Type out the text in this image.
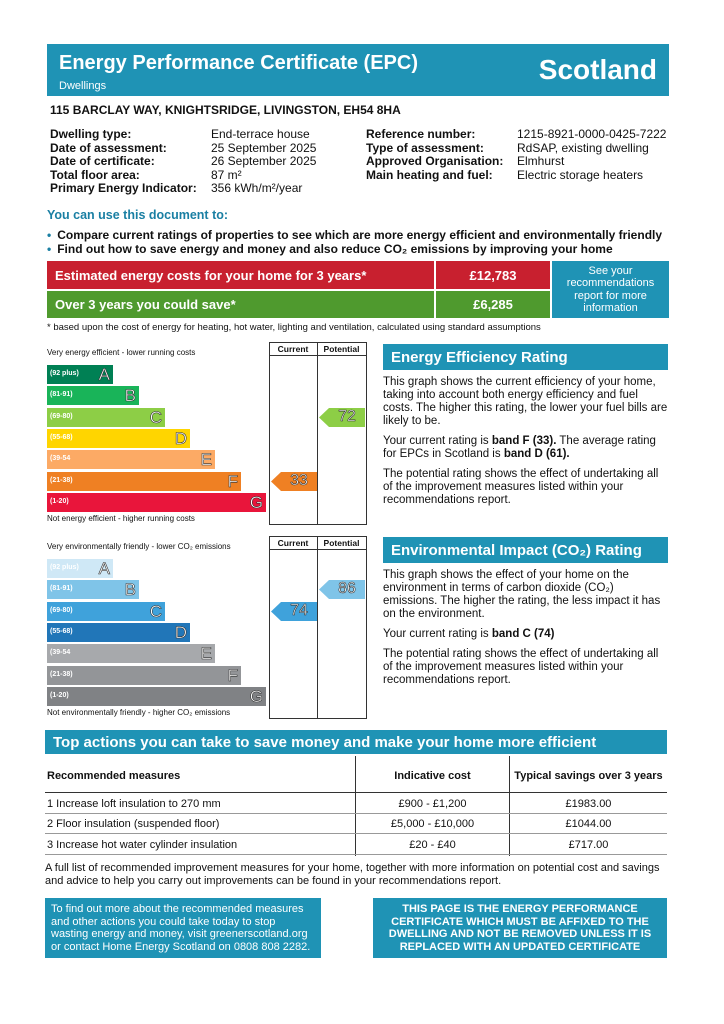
Energy Performance Certificate (EPC)
Dwellings
Scotland
115 BARCLAY WAY, KNIGHTSRIDGE, LIVINGSTON, EH54 8HA
Dwelling type:	End-terrace house
Date of assessment:	25 September 2025
Date of certificate:	26 September 2025
Total floor area:	87 m²
Primary Energy Indicator: 356 kWh/m²/year
Reference number:	1215-8921-0000-0425-7222
Type of assessment:	RdSAP, existing dwelling
Approved Organisation: Elmhurst
Main heating and fuel: Electric storage heaters
You can use this document to:
• Compare current ratings of properties to see which are more energy efficient and environmentally friendly
• Find out how to save energy and money and also reduce CO₂ emissions by improving your home
Estimated energy costs for your home for 3 years*	£12,783
Over 3 years you could save*	£6,285
See your recommendations report for more information
* based upon the cost of energy for heating, hot water, lighting and ventilation, calculated using standard assumptions
Very energy efficient - lower running costs
Not energy efficient - higher running costs
Current	Potential
(92 plus) A
(81-91)	B
(69-80)	C
(55-68)	D
(39-54	E
(21-38)	F
(1-20)	G
33
72
Energy Efficiency Rating
This graph shows the current efficiency of your home, taking into account both energy efficiency and fuel costs. The higher this rating, the lower your fuel bills are likely to be.
Your current rating is band F (33). The average rating for EPCs in Scotland is band D (61).
The potential rating shows the effect of undertaking all of the improvement measures listed within your recommendations report.
Very environmentally friendly - lower CO₂ emissions
Not environmentally friendly - higher CO₂ emissions
Current	Potential
(92 plus) A
(81-91)	B
(69-80)	C
(55-68)	D
(39-54	E
(21-38)	F
(1-20)	G
74
86
Environmental Impact (CO₂) Rating
This graph shows the effect of your home on the environment in terms of carbon dioxide (CO₂) emissions. The higher the rating, the less impact it has on the environment.
Your current rating is band C (74)
The potential rating shows the effect of undertaking all of the improvement measures listed within your recommendations report.
Top actions you can take to save money and make your home more efficient
Recommended measures	Indicative cost	Typical savings over 3 years
1 Increase loft insulation to 270 mm	£900 - £1,200	£1983.00
2 Floor insulation (suspended floor)	£5,000 - £10,000	£1044.00
3 Increase hot water cylinder insulation	£20 - £40	£717.00
A full list of recommended improvement measures for your home, together with more information on potential cost and savings and advice to help you carry out improvements can be found in your recommendations report.
To find out more about the recommended measures and other actions you could take today to stop wasting energy and money, visit greenerscotland.org or contact Home Energy Scotland on 0808 808 2282.
THIS PAGE IS THE ENERGY PERFORMANCE CERTIFICATE WHICH MUST BE AFFIXED TO THE DWELLING AND NOT BE REMOVED UNLESS IT IS REPLACED WITH AN UPDATED CERTIFICATE
